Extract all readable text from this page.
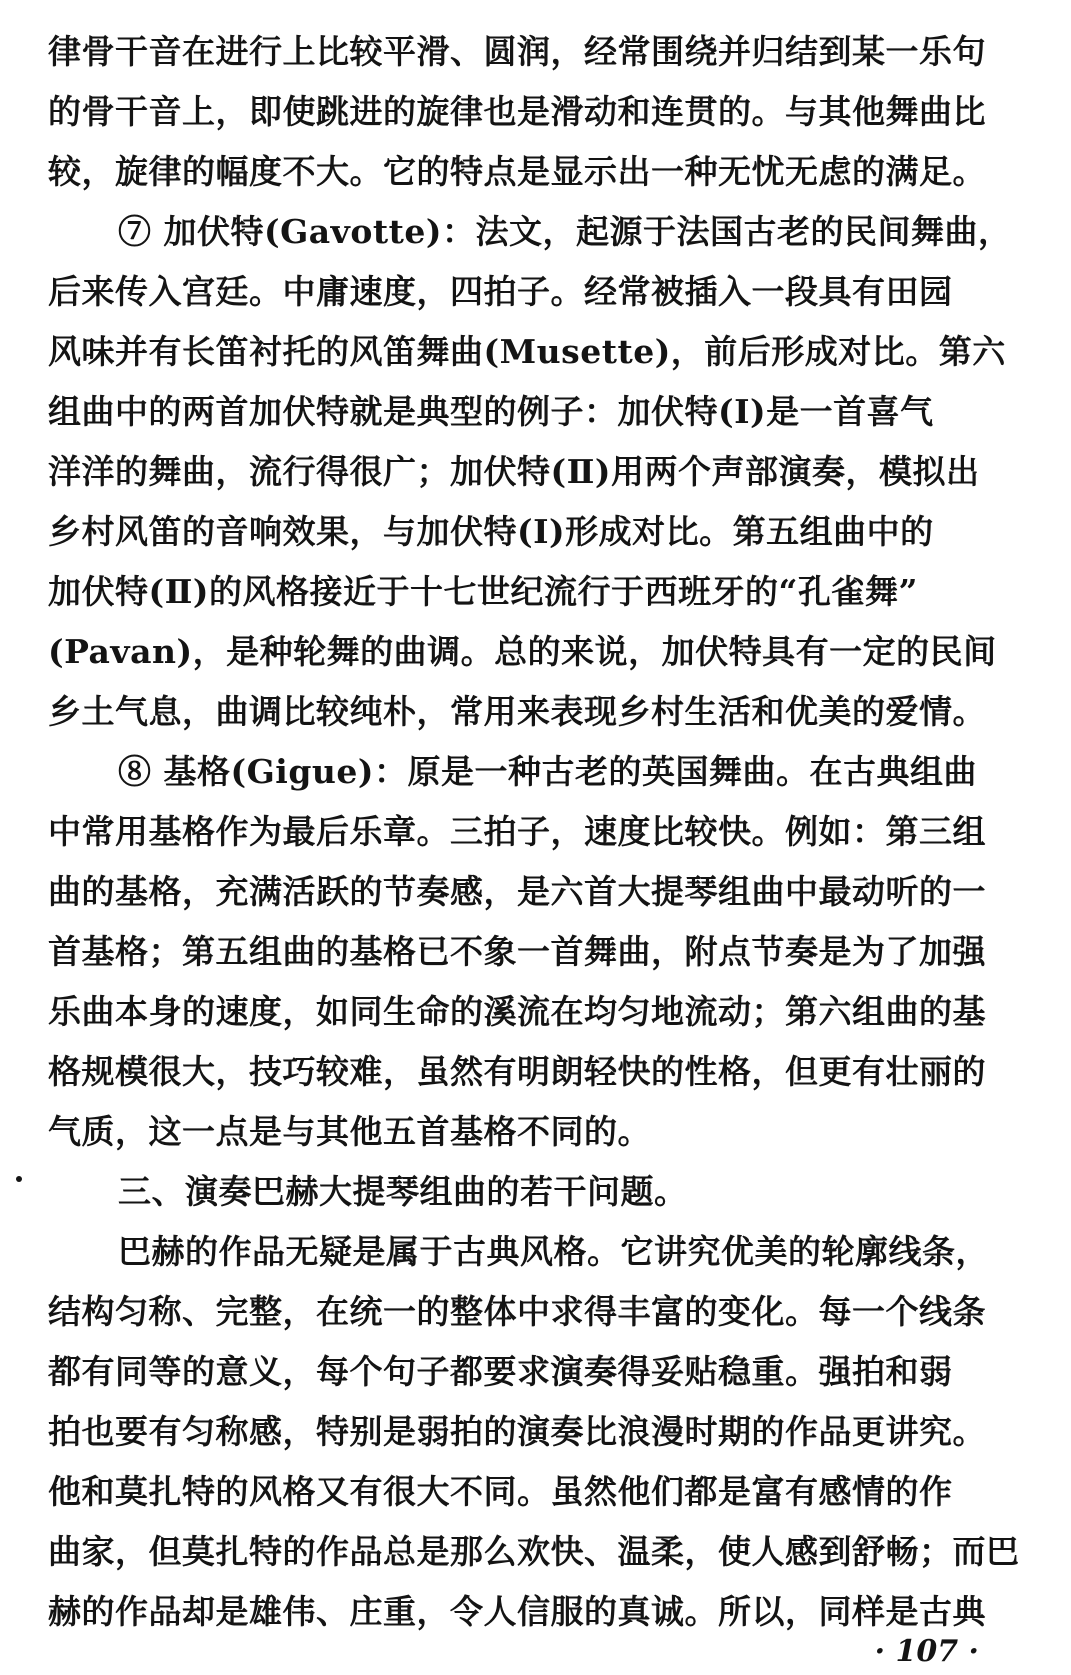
律骨干音在进行上比较平滑、圆润，经常围绕并归结到某一乐句
的骨干音上，即使跳进的旋律也是滑动和连贯的。与其他舞曲比
较，旋律的幅度不大。它的特点是显示出一种无忧无虑的满足。
⑦ 加伏特(Gavotte)：法文，起源于法国古老的民间舞曲，
后来传入宫廷。中庸速度，四拍子。经常被插入一段具有田园
风味并有长笛衬托的风笛舞曲(Musette)，前后形成对比。第六
组曲中的两首加伏特就是典型的例子：加伏特(Ⅰ)是一首喜气
洋洋的舞曲，流行得很广；加伏特(Ⅱ)用两个声部演奏，模拟出
乡村风笛的音响效果，与加伏特(Ⅰ)形成对比。第五组曲中的
加伏特(Ⅱ)的风格接近于十七世纪流行于西班牙的“孔雀舞”
(Pavan)，是种轮舞的曲调。总的来说，加伏特具有一定的民间
乡土气息，曲调比较纯朴，常用来表现乡村生活和优美的爱情。
⑧ 基格(Gigue)：原是一种古老的英国舞曲。在古典组曲
中常用基格作为最后乐章。三拍子，速度比较快。例如：第三组
曲的基格，充满活跃的节奏感，是六首大提琴组曲中最动听的一
首基格；第五组曲的基格已不象一首舞曲，附点节奏是为了加强
乐曲本身的速度，如同生命的溪流在均匀地流动；第六组曲的基
格规模很大，技巧较难，虽然有明朗轻快的性格，但更有壮丽的
气质，这一点是与其他五首基格不同的。
三、演奏巴赫大提琴组曲的若干问题。
巴赫的作品无疑是属于古典风格。它讲究优美的轮廓线条，
结构匀称、完整，在统一的整体中求得丰富的变化。每一个线条
都有同等的意义，每个句子都要求演奏得妥贴稳重。强拍和弱
拍也要有匀称感，特别是弱拍的演奏比浪漫时期的作品更讲究。
他和莫扎特的风格又有很大不同。虽然他们都是富有感情的作
曲家，但莫扎特的作品总是那么欢快、温柔，使人感到舒畅；而巴
赫的作品却是雄伟、庄重，令人信服的真诚。所以，同样是古典
· 107 ·
